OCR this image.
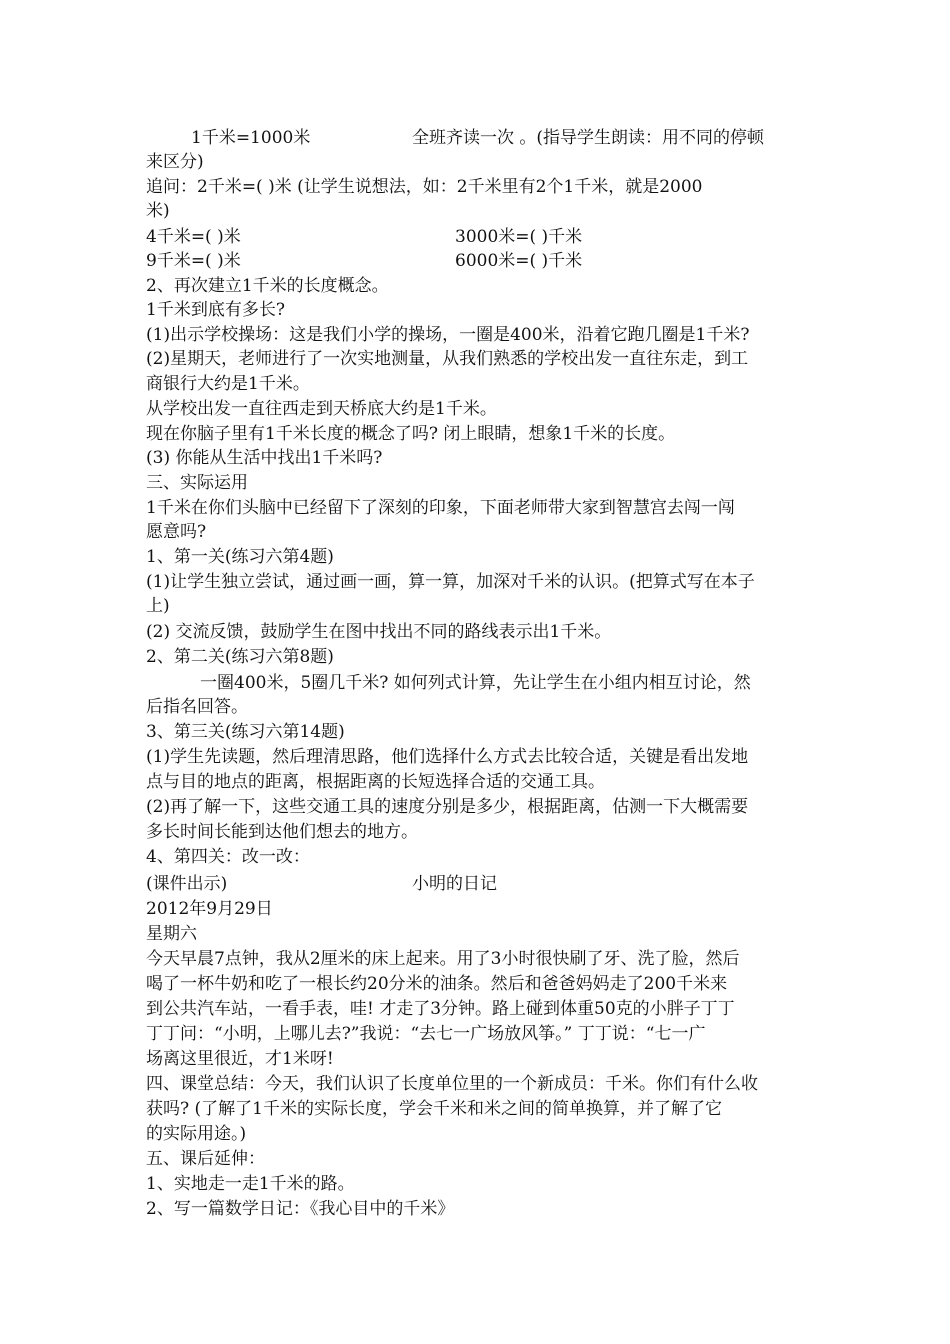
1千米=1000米	全班齐读一次 。(指导学生朗读：用不同的停顿
来区分)
追问：2千米=( )米 (让学生说想法，如：2千米里有2个1千米，就是2000
米)
4千米=( )米	3000米=( )千米
9千米=( )米	6000米=( )千米
2、再次建立1千米的长度概念。
1千米到底有多长?
(1)出示学校操场：这是我们小学的操场，一圈是400米，沿着它跑几圈是1千米?
(2)星期天，老师进行了一次实地测量，从我们熟悉的学校出发一直往东走，到工
商银行大约是1千米。
从学校出发一直往西走到天桥底大约是1千米。
现在你脑子里有1千米长度的概念了吗? 闭上眼睛，想象1千米的长度。
(3) 你能从生活中找出1千米吗?
三、实际运用
1千米在你们头脑中已经留下了深刻的印象，下面老师带大家到智慧宫去闯一闯
愿意吗?
1、第一关(练习六第4题)
(1)让学生独立尝试，通过画一画，算一算，加深对千米的认识。(把算式写在本子
上)
(2) 交流反馈，鼓励学生在图中找出不同的路线表示出1千米。
2、第二关(练习六第8题)
一圈400米，5圈几千米? 如何列式计算，先让学生在小组内相互讨论，然
后指名回答。
3、第三关(练习六第14题)
(1)学生先读题，然后理清思路，他们选择什么方式去比较合适，关键是看出发地
点与目的地点的距离，根据距离的长短选择合适的交通工具。
(2)再了解一下，这些交通工具的速度分别是多少，根据距离，估测一下大概需要
多长时间长能到达他们想去的地方。
4、第四关：改一改：
(课件出示)	小明的日记
2012年9月29日
星期六
今天早晨7点钟，我从2厘米的床上起来。用了3小时很快刷了牙、洗了脸，然后
喝了一杯牛奶和吃了一根长约20分米的油条。然后和爸爸妈妈走了200千米来
到公共汽车站，一看手表，哇! 才走了3分钟。路上碰到体重50克的小胖子丁丁
丁丁问：“小明，上哪儿去?”我说：“去七一广场放风筝。” 丁丁说：“七一广
场离这里很近，才1米呀!
四、课堂总结：今天，我们认识了长度单位里的一个新成员：千米。你们有什么收
获吗? (了解了1千米的实际长度，学会千米和米之间的简单换算，并了解了它
的实际用途。)
五、课后延伸：
1、实地走一走1千米的路。
2、写一篇数学日记：《我心目中的千米》
